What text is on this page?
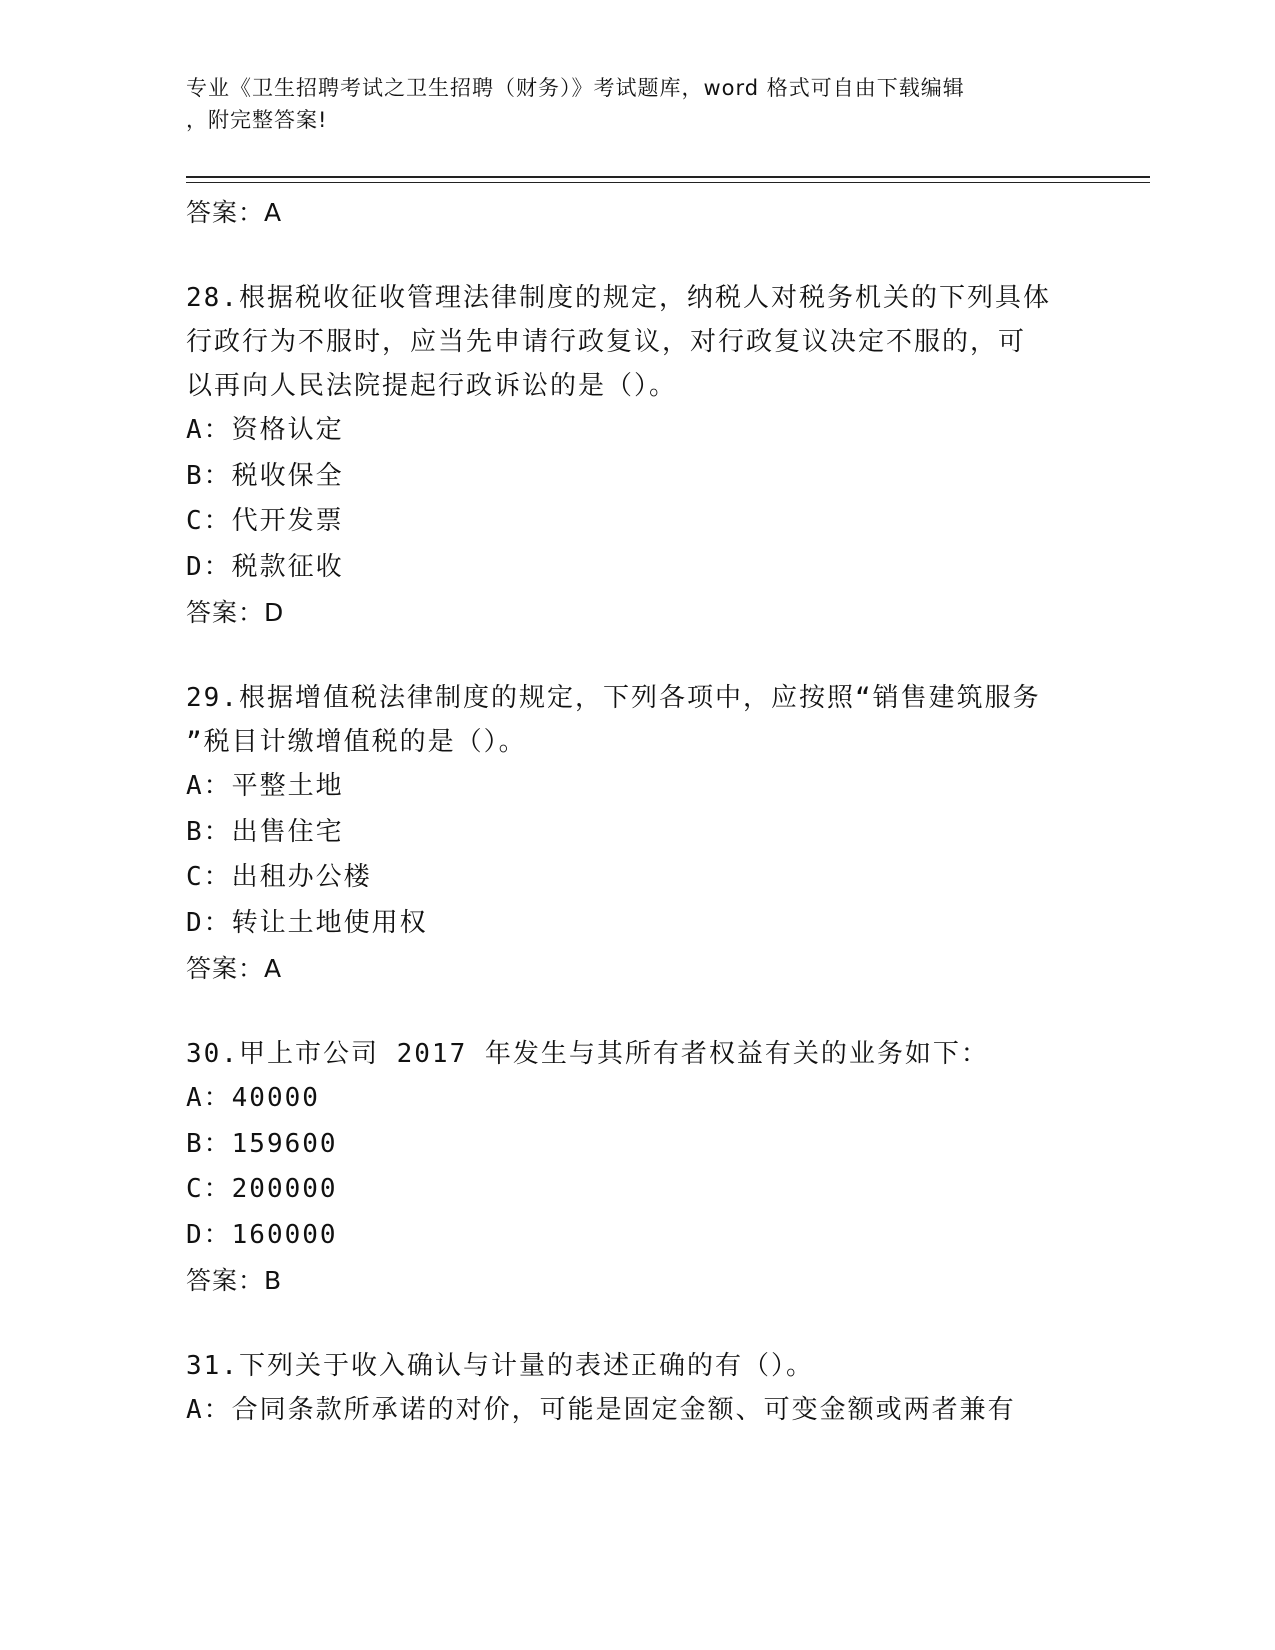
专业《卫生招聘考试之卫生招聘（财务）》考试题库，word 格式可自由下载编辑
，附完整答案!
答案：A
28.根据税收征收管理法律制度的规定，纳税人对税务机关的下列具体
行政行为不服时，应当先申请行政复议，对行政复议决定不服的，可
以再向人民法院提起行政诉讼的是（）。
A：资格认定
B：税收保全
C：代开发票
D：税款征收
答案：D
29.根据增值税法律制度的规定，下列各项中，应按照“销售建筑服务
”税目计缴增值税的是（）。
A：平整土地
B：出售住宅
C：出租办公楼
D：转让土地使用权
答案：A
30.甲上市公司 2017 年发生与其所有者权益有关的业务如下：
A：40000
B：159600
C：200000
D：160000
答案：B
31.下列关于收入确认与计量的表述正确的有（）。
A：合同条款所承诺的对价，可能是固定金额、可变金额或两者兼有
